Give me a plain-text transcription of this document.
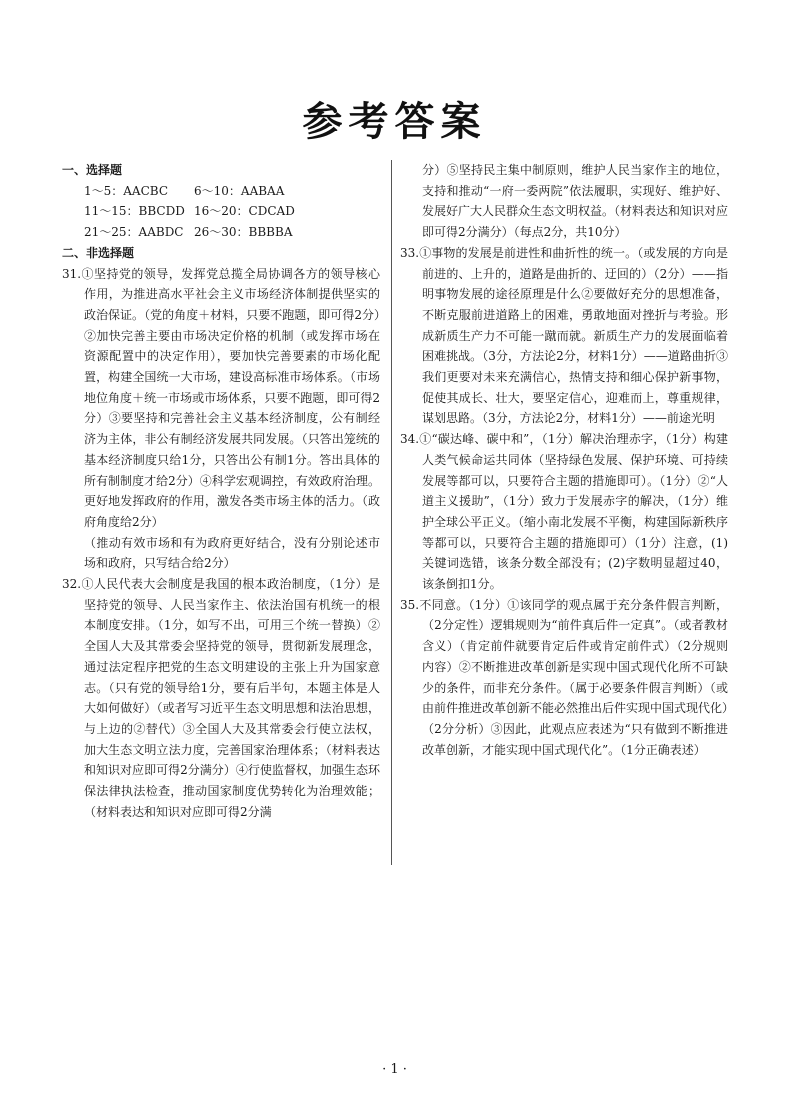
参考答案
一、选择题
1～5：AACBC	6～10：AABAA
11～15：BBCDD 16～20：CDCAD
21～25：AABDC 26～30：BBBBA
二、非选择题
31.①坚持党的领导，发挥党总揽全局协调各方的领导核心作用，为推进高水平社会主义市场经济体制提供坚实的政治保证。（党的角度＋材料，只要不跑题，即可得2分）②加快完善主要由市场决定价格的机制（或发挥市场在资源配置中的决定作用），要加快完善要素的市场化配置，构建全国统一大市场，建设高标准市场体系。（市场地位角度＋统一市场或市场体系，只要不跑题，即可得2分）③要坚持和完善社会主义基本经济制度，公有制经济为主体，非公有制经济发展共同发展。（只答出笼统的基本经济制度只给1分，只答出公有制1分。答出具体的所有制制度才给2分）④科学宏观调控，有效政府治理。更好地发挥政府的作用，激发各类市场主体的活力。（政府角度给2分）
（推动有效市场和有为政府更好结合，没有分别论述市场和政府，只写结合给2分）
32.①人民代表大会制度是我国的根本政治制度，（1分）是坚持党的领导、人民当家作主、依法治国有机统一的根本制度安排。（1分，如写不出，可用三个统一替换）②全国人大及其常委会坚持党的领导，贯彻新发展理念，通过法定程序把党的生态文明建设的主张上升为国家意志。（只有党的领导给1分，要有后半句，本题主体是人大如何做好）（或者写习近平生态文明思想和法治思想，与上边的②替代）③全国人大及其常委会行使立法权，加大生态文明立法力度，完善国家治理体系；（材料表达和知识对应即可得2分满分）④行使监督权，加强生态环保法律执法检查，推动国家制度优势转化为治理效能；（材料表达和知识对应即可得2分满
分）⑤坚持民主集中制原则，维护人民当家作主的地位，支持和推动“一府一委两院”依法履职，实现好、维护好、发展好广大人民群众生态文明权益。（材料表达和知识对应即可得2分满分）（每点2分，共10分）
33.①事物的发展是前进性和曲折性的统一。（或发展的方向是前进的、上升的，道路是曲折的、迂回的）（2分）——指明事物发展的途径原理是什么②要做好充分的思想准备，不断克服前进道路上的困难，勇敢地面对挫折与考验。形成新质生产力不可能一蹴而就。新质生产力的发展面临着困难挑战。（3分，方法论2分，材料1分）——道路曲折③我们更要对未来充满信心，热情支持和细心保护新事物，促使其成长、壮大，要坚定信心，迎难而上，尊重规律，谋划思路。（3分，方法论2分，材料1分）——前途光明
34.①“碳达峰、碳中和”，（1分）解决治理赤字，（1分）构建人类气候命运共同体（坚持绿色发展、保护环境、可持续发展等都可以，只要符合主题的措施即可）。（1分）②“人道主义援助”，（1分）致力于发展赤字的解决，（1分）维护全球公平正义。（缩小南北发展不平衡，构建国际新秩序等都可以，只要符合主题的措施即可）（1分）注意，(1)关键词选错，该条分数全部没有；(2)字数明显超过40，该条倒扣1分。
35.不同意。（1分）①该同学的观点属于充分条件假言判断，（2分定性）逻辑规则为“前件真后件一定真”。（或者教材含义）（肯定前件就要肯定后件或肯定前件式）（2分规则内容）②不断推进改革创新是实现中国式现代化所不可缺少的条件，而非充分条件。（属于必要条件假言判断）（或由前件推进改革创新不能必然推出后件实现中国式现代化）（2分分析）③因此，此观点应表述为“只有做到不断推进改革创新，才能实现中国式现代化”。（1分正确表述）
· 1 ·
